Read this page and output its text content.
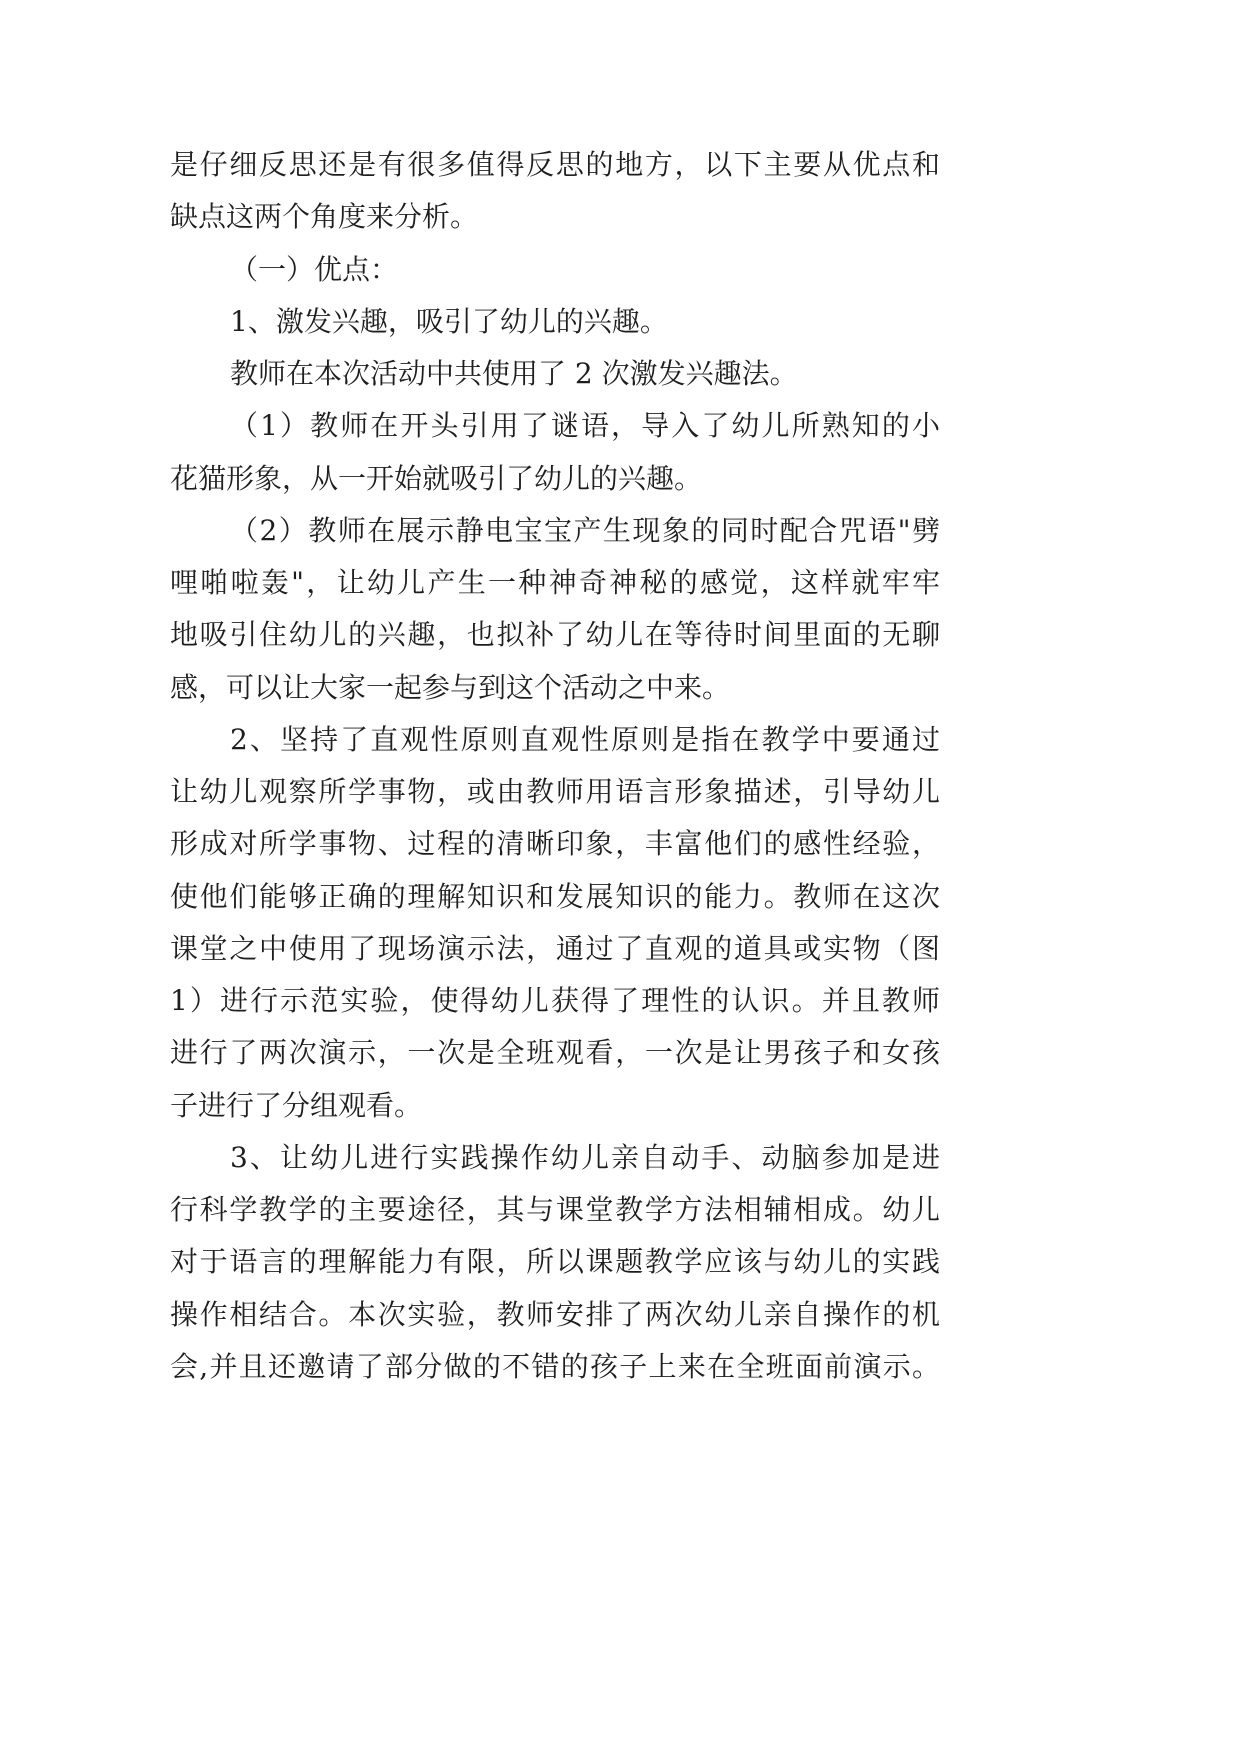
是仔细反思还是有很多值得反思的地方，以下主要从优点和
缺点这两个角度来分析。
（一）优点：
1、激发兴趣，吸引了幼儿的兴趣。
教师在本次活动中共使用了 2 次激发兴趣法。
（1）教师在开头引用了谜语，导入了幼儿所熟知的小
花猫形象，从一开始就吸引了幼儿的兴趣。
（2）教师在展示静电宝宝产生现象的同时配合咒语"劈
哩啪啦轰"，让幼儿产生一种神奇神秘的感觉，这样就牢牢
地吸引住幼儿的兴趣，也拟补了幼儿在等待时间里面的无聊
感，可以让大家一起参与到这个活动之中来。
2、坚持了直观性原则直观性原则是指在教学中要通过
让幼儿观察所学事物，或由教师用语言形象描述，引导幼儿
形成对所学事物、过程的清晰印象，丰富他们的感性经验，
使他们能够正确的理解知识和发展知识的能力。教师在这次
课堂之中使用了现场演示法，通过了直观的道具或实物（图
1）进行示范实验，使得幼儿获得了理性的认识。并且教师
进行了两次演示，一次是全班观看，一次是让男孩子和女孩
子进行了分组观看。
3、让幼儿进行实践操作幼儿亲自动手、动脑参加是进
行科学教学的主要途径，其与课堂教学方法相辅相成。幼儿
对于语言的理解能力有限，所以课题教学应该与幼儿的实践
操作相结合。本次实验，教师安排了两次幼儿亲自操作的机
会,并且还邀请了部分做的不错的孩子上来在全班面前演示。
